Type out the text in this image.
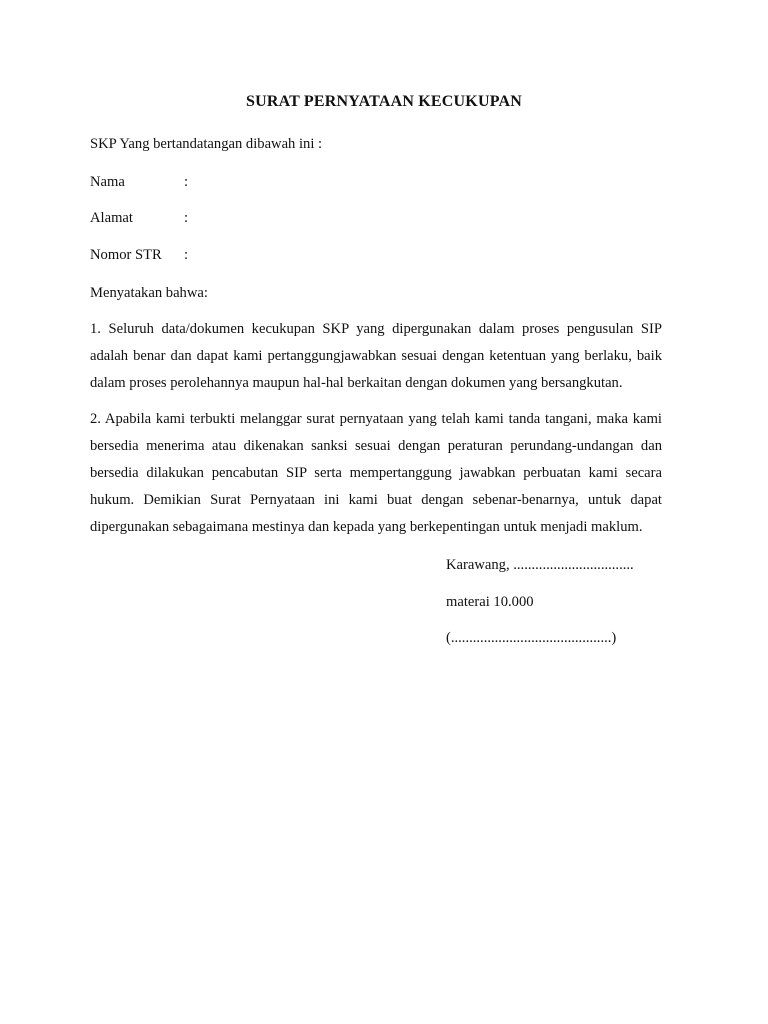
SURAT PERNYATAAN KECUKUPAN
SKP Yang bertandatangan dibawah ini :
Nama	:
Alamat	:
Nomor STR :
Menyatakan bahwa:
1. Seluruh data/dokumen kecukupan SKP yang dipergunakan dalam proses pengusulan SIP adalah benar dan dapat kami pertanggungjawabkan sesuai dengan ketentuan yang berlaku, baik dalam proses perolehannya maupun hal-hal berkaitan dengan dokumen yang bersangkutan.
2. Apabila kami terbukti melanggar surat pernyataan yang telah kami tanda tangani, maka kami bersedia menerima atau dikenakan sanksi sesuai dengan peraturan perundang-undangan dan bersedia dilakukan pencabutan SIP serta mempertanggung jawabkan perbuatan kami secara hukum. Demikian Surat Pernyataan ini kami buat dengan sebenar-benarnya, untuk dapat dipergunakan sebagaimana mestinya dan kepada yang berkepentingan untuk menjadi maklum.
Karawang, .................................
materai 10.000
(............................................)
